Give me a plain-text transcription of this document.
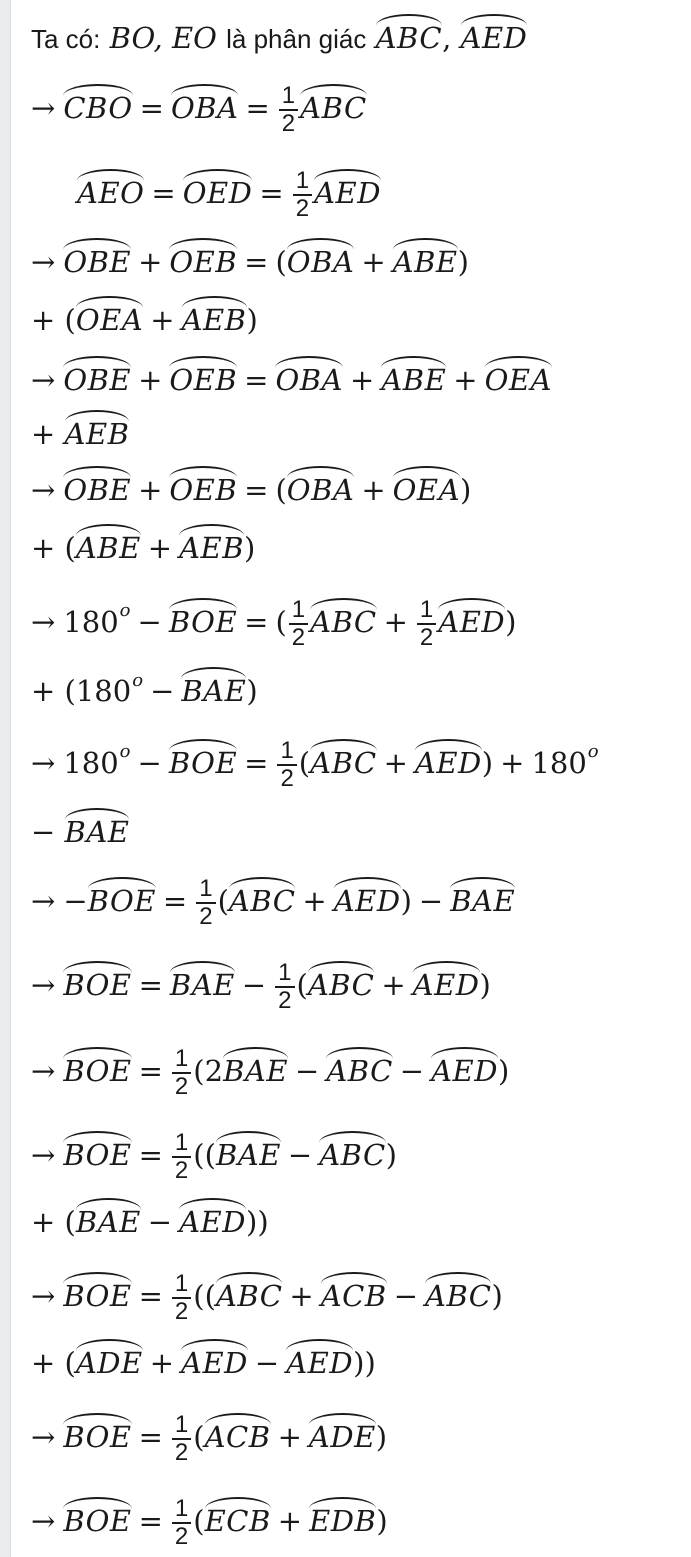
Ta có: BO, EO là phân giác ABC, AED
→ CBO = OBA = $\frac{1}{2}$ ABC
AEO = OED = $\frac{1}{2}$ AED
→ OBE + OEB = (OBA + ABE)
+ (OEA + AEB)
→ OBE + OEB = OBA + ABE + OEA
+ AEB
→ OBE + OEB = (OBA + OEA)
+ (ABE + AEB)
→ $180^o$ − BOE = ( $\frac{1}{2}$ ABC + $\frac{1}{2} AED$)
+ $(180^o - BAE)$
→ $180^o$ − BOE = $\frac{1}{2} (ABC + AED) + 180^o$
− BAE
→ $-BOE = \frac{1}{2} (ABC + AED)$ − BAE
→ BOE = BAE − $\frac{1}{2} (ABC + AED)$
→ BOE = $\frac{1}{2} (2BAE$ − ABC − AED)
→ BOE = $\frac{1}{2} ((BAE - ABC)$
+ (BAE − AED))
→ BOE = $\frac{1}{2} ((ABC$ + ACB − ABC)
+ (ADE + AED − AED))
→ BOE = $\frac{1}{2} (ACB + ADE)$
→ BOE = $\frac{1}{2} (ECB + EDB)$
